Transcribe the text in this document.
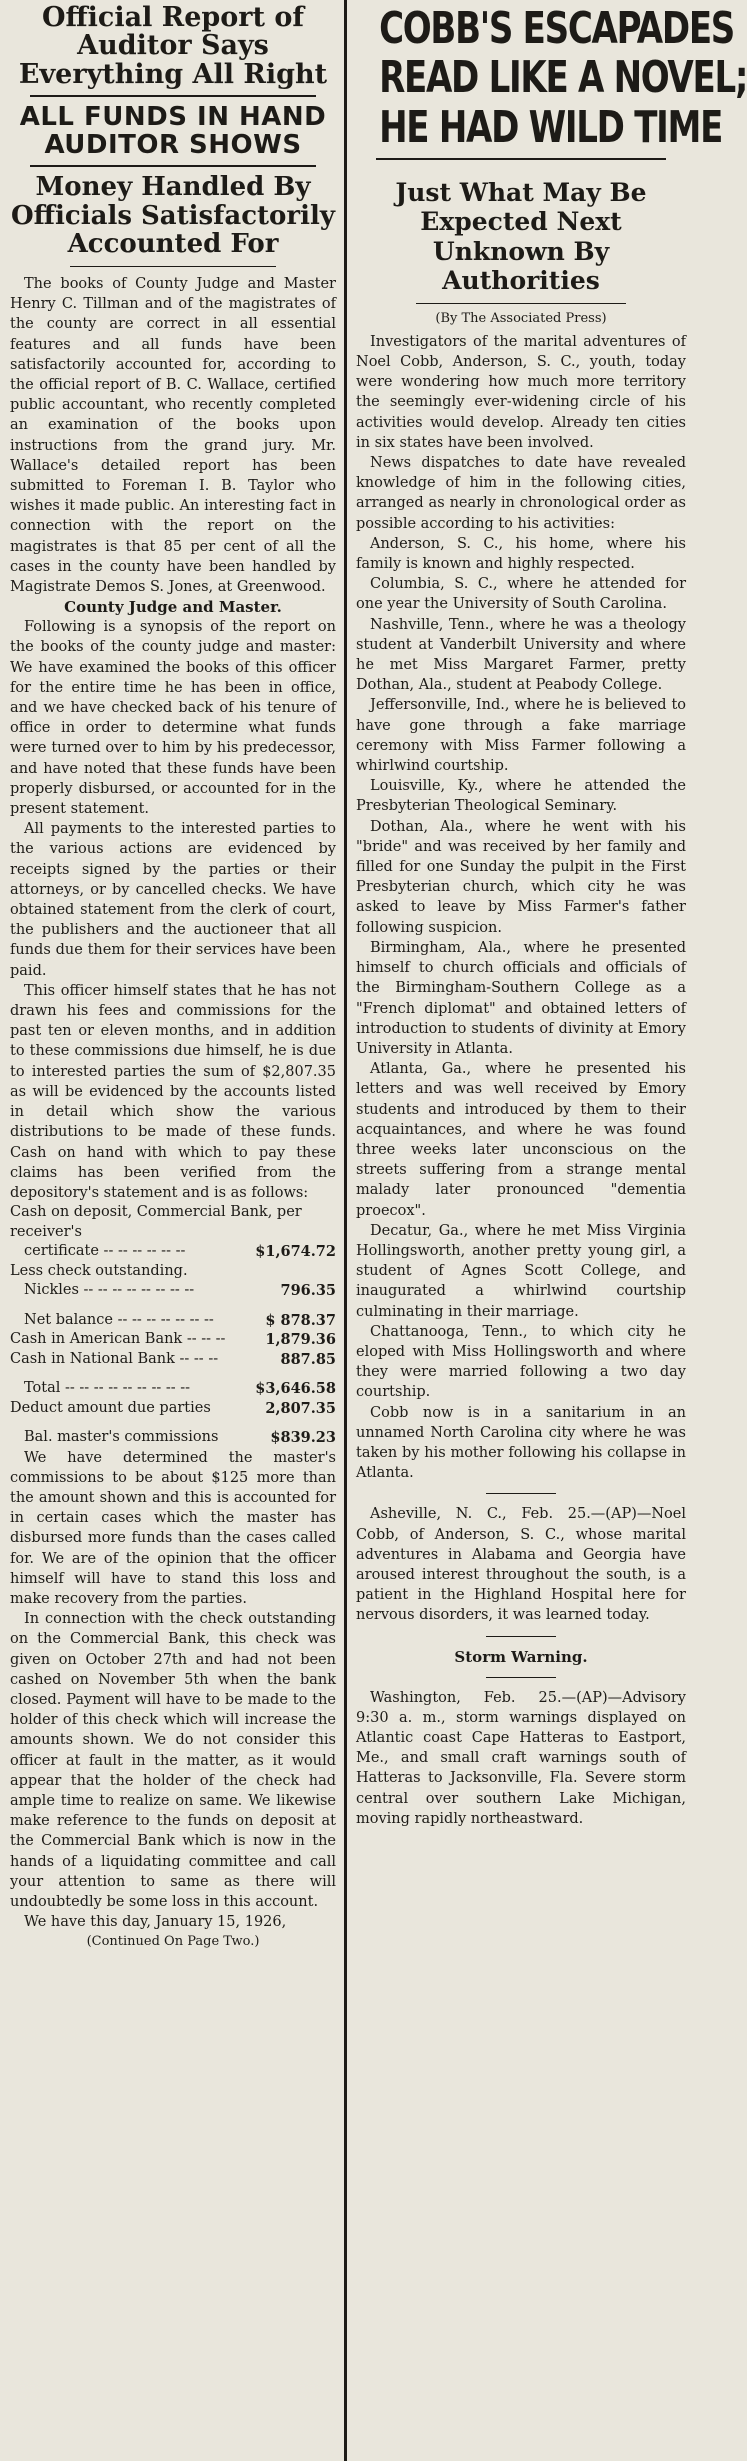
Official Report of Auditor Says Everything All Right
ALL FUNDS IN HAND AUDITOR SHOWS
Money Handled By Officials Satisfactorily Accounted For

The books of County Judge and Master Henry C. Tillman and of the magistrates of the county are correct in all essential features and all funds have been satisfactorily accounted for, according to the official report of B. C. Wallace, certified public accountant, who recently completed an examination of the books upon instructions from the grand jury. Mr. Wallace's detailed report has been submitted to Foreman I. B. Taylor who wishes it made public. An interesting fact in connection with the report on the magistrates is that 85 per cent of all the cases in the county have been handled by Magistrate Demos S. Jones, at Greenwood.

County Judge and Master.

Following is a synopsis of the report on the books of the county judge and master: We have examined the books of this officer for the entire time he has been in office, and we have checked back of his tenure of office in order to determine what funds were turned over to him by his predecessor, and have noted that these funds have been properly disbursed, or accounted for in the present statement.

All payments to the interested parties to the various actions are evidenced by receipts signed by the parties or their attorneys, or by cancelled checks. We have obtained statement from the clerk of court, the publishers and the auctioneer that all funds due them for their services have been paid.

This officer himself states that he has not drawn his fees and commissions for the past ten or eleven months, and in addition to these commissions due himself, he is due to interested parties the sum of $2,807.35 as will be evidenced by the accounts listed in detail which show the various distributions to be made of these funds. Cash on hand with which to pay these claims has been verified from the depository's statement and is as follows:

Cash on deposit, Commercial Bank, per receiver's	
certificate -- -- -- -- -- --	$1,674.72
Less check outstanding.	
Nickles -- -- -- -- -- -- -- --	796.35

Net balance -- -- -- -- -- -- --	$ 878.37
Cash in American Bank -- -- --	1,879.36
Cash in National Bank -- -- --	887.85

Total -- -- -- -- -- -- -- -- --	$3,646.58
Deduct amount due parties	2,807.35

Bal. master's commissions	$839.23

We have determined the master's commissions to be about $125 more than the amount shown and this is accounted for in certain cases which the master has disbursed more funds than the cases called for. We are of the opinion that the officer himself will have to stand this loss and make recovery from the parties.

In connection with the check outstanding on the Commercial Bank, this check was given on October 27th and had not been cashed on November 5th when the bank closed. Payment will have to be made to the holder of this check which will increase the amounts shown. We do not consider this officer at fault in the matter, as it would appear that the holder of the check had ample time to realize on same. We likewise make reference to the funds on deposit at the Commercial Bank which is now in the hands of a liquidating committee and call your attention to same as there will undoubtedly be some loss in this account.

We have this day, January 15, 1926,

(Continued On Page Two.)
COBB'S ESCAPADES
READ LIKE A NOVEL;
HE HAD WILD TIME
Just What May Be Expected Next Unknown By Authorities
(By The Associated Press)

Investigators of the marital adventures of Noel Cobb, Anderson, S. C., youth, today were wondering how much more territory the seemingly ever-widening circle of his activities would develop. Already ten cities in six states have been involved.

News dispatches to date have revealed knowledge of him in the following cities, arranged as nearly in chronological order as possible according to his activities:

Anderson, S. C., his home, where his family is known and highly respected.

Columbia, S. C., where he attended for one year the University of South Carolina.

Nashville, Tenn., where he was a theology student at Vanderbilt University and where he met Miss Margaret Farmer, pretty Dothan, Ala., student at Peabody College.

Jeffersonville, Ind., where he is believed to have gone through a fake marriage ceremony with Miss Farmer following a whirlwind courtship.

Louisville, Ky., where he attended the Presbyterian Theological Seminary.

Dothan, Ala., where he went with his "bride" and was received by her family and filled for one Sunday the pulpit in the First Presbyterian church, which city he was asked to leave by Miss Farmer's father following suspicion.

Birmingham, Ala., where he presented himself to church officials and officials of the Birmingham-Southern College as a "French diplomat" and obtained letters of introduction to students of divinity at Emory University in Atlanta.

Atlanta, Ga., where he presented his letters and was well received by Emory students and introduced by them to their acquaintances, and where he was found three weeks later unconscious on the streets suffering from a strange mental malady later pronounced "dementia proecox".

Decatur, Ga., where he met Miss Virginia Hollingsworth, another pretty young girl, a student of Agnes Scott College, and inaugurated a whirlwind courtship culminating in their marriage.

Chattanooga, Tenn., to which city he eloped with Miss Hollingsworth and where they were married following a two day courtship.

Cobb now is in a sanitarium in an unnamed North Carolina city where he was taken by his mother following his collapse in Atlanta.

Asheville, N. C., Feb. 25.—(AP)—Noel Cobb, of Anderson, S. C., whose marital adventures in Alabama and Georgia have aroused interest throughout the south, is a patient in the Highland Hospital here for nervous disorders, it was learned today.

Storm Warning.

Washington, Feb. 25.—(AP)—Advisory 9:30 a. m., storm warnings displayed on Atlantic coast Cape Hatteras to Eastport, Me., and small craft warnings south of Hatteras to Jacksonville, Fla. Severe storm central over southern Lake Michigan, moving rapidly northeastward.
